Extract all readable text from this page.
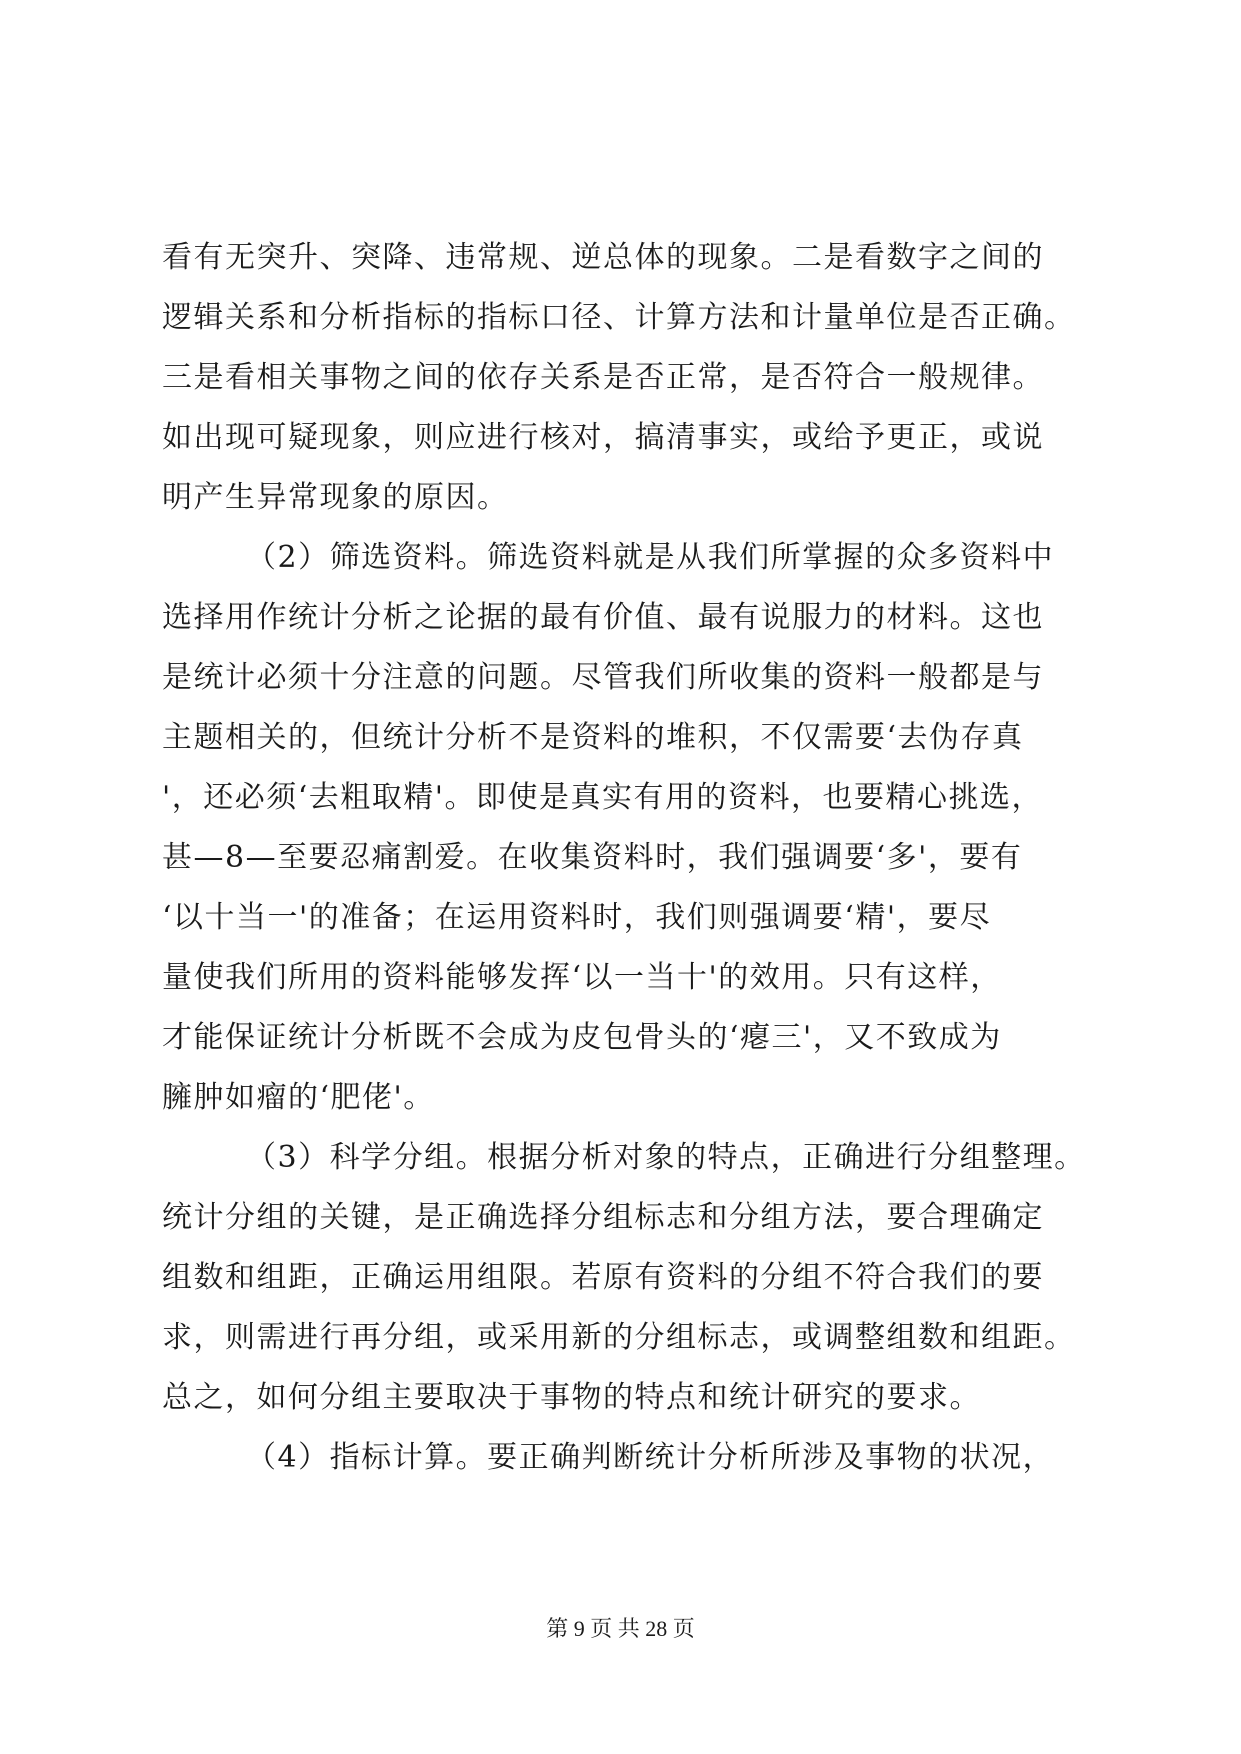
看有无突升、突降、违常规、逆总体的现象。二是看数字之间的
逻辑关系和分析指标的指标口径、计算方法和计量单位是否正确。
三是看相关事物之间的依存关系是否正常，是否符合一般规律。
如出现可疑现象，则应进行核对，搞清事实，或给予更正，或说
明产生异常现象的原因。
（2）筛选资料。筛选资料就是从我们所掌握的众多资料中
选择用作统计分析之论据的最有价值、最有说服力的材料。这也
是统计必须十分注意的问题。尽管我们所收集的资料一般都是与
主题相关的，但统计分析不是资料的堆积，不仅需要‘去伪存真
'，还必须‘去粗取精'。即使是真实有用的资料，也要精心挑选，
甚—8—至要忍痛割爱。在收集资料时，我们强调要‘多'，要有
‘以十当一'的准备；在运用资料时，我们则强调要‘精'，要尽
量使我们所用的资料能够发挥‘以一当十'的效用。只有这样，
才能保证统计分析既不会成为皮包骨头的‘瘪三'，又不致成为
臃肿如瘤的‘肥佬'。
（3）科学分组。根据分析对象的特点，正确进行分组整理。
统计分组的关键，是正确选择分组标志和分组方法，要合理确定
组数和组距，正确运用组限。若原有资料的分组不符合我们的要
求，则需进行再分组，或采用新的分组标志，或调整组数和组距。
总之，如何分组主要取决于事物的特点和统计研究的要求。
（4）指标计算。要正确判断统计分析所涉及事物的状况，
第 9 页 共 28 页
